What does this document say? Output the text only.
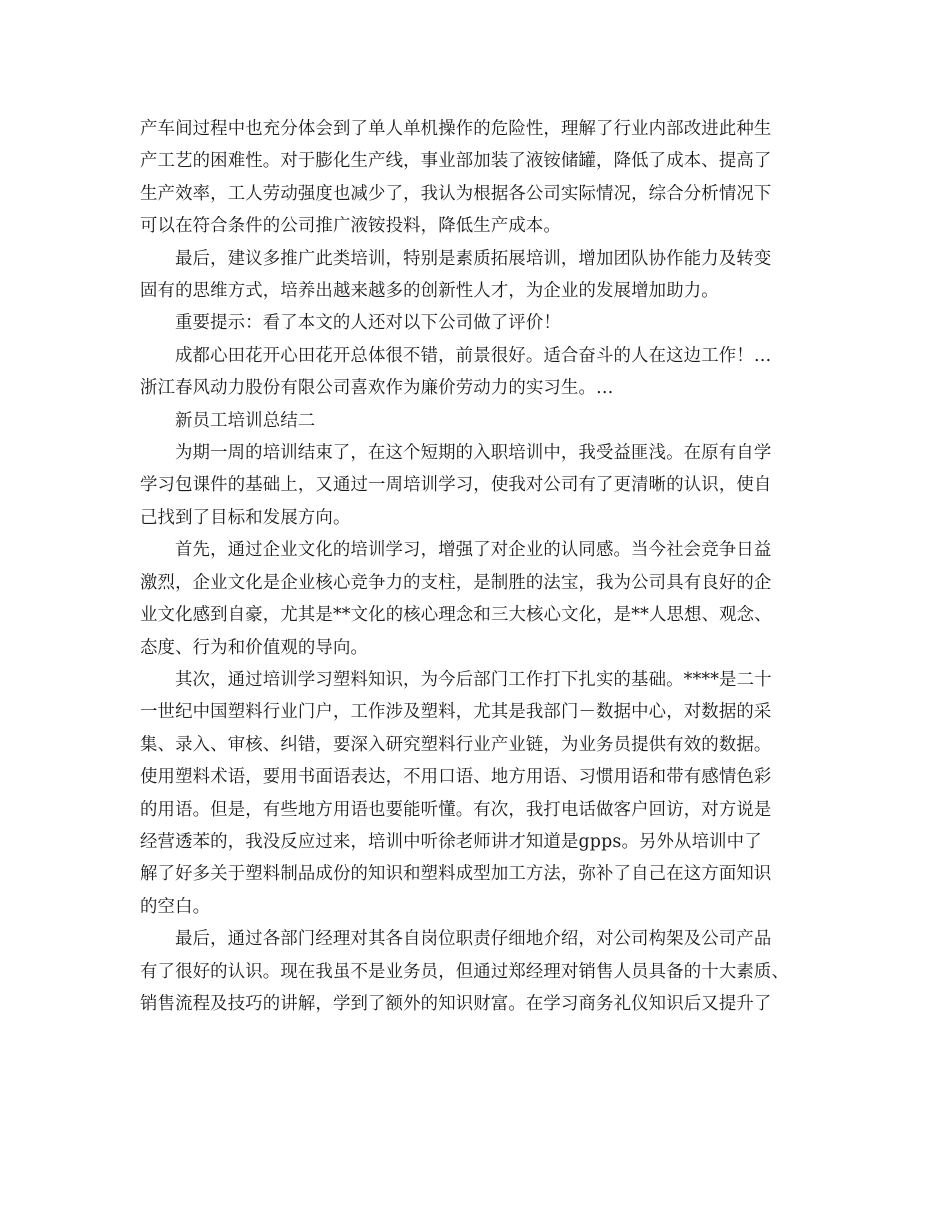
产车间过程中也充分体会到了单人单机操作的危险性，理解了行业内部改进此种生
产工艺的困难性。对于膨化生产线，事业部加装了液铵储罐，降低了成本、提高了
生产效率，工人劳动强度也减少了，我认为根据各公司实际情况，综合分析情况下
可以在符合条件的公司推广液铵投料，降低生产成本。
最后，建议多推广此类培训，特别是素质拓展培训，增加团队协作能力及转变
固有的思维方式，培养出越来越多的创新性人才，为企业的发展增加助力。
重要提示：看了本文的人还对以下公司做了评价！
成都心田花开心田花开总体很不错，前景很好。适合奋斗的人在这边工作！…
浙江春风动力股份有限公司喜欢作为廉价劳动力的实习生。…
新员工培训总结二
为期一周的培训结束了，在这个短期的入职培训中，我受益匪浅。在原有自学
学习包课件的基础上，又通过一周培训学习，使我对公司有了更清晰的认识，使自
己找到了目标和发展方向。
首先，通过企业文化的培训学习，增强了对企业的认同感。当今社会竞争日益
激烈，企业文化是企业核心竞争力的支柱，是制胜的法宝，我为公司具有良好的企
业文化感到自豪，尤其是**文化的核心理念和三大核心文化，是**人思想、观念、
态度、行为和价值观的导向。
其次，通过培训学习塑料知识，为今后部门工作打下扎实的基础。****是二十
一世纪中国塑料行业门户，工作涉及塑料，尤其是我部门－数据中心，对数据的采
集、录入、审核、纠错，要深入研究塑料行业产业链，为业务员提供有效的数据。
使用塑料术语，要用书面语表达，不用口语、地方用语、习惯用语和带有感情色彩
的用语。但是，有些地方用语也要能听懂。有次，我打电话做客户回访，对方说是
经营透苯的，我没反应过来，培训中听徐老师讲才知道是gpps。另外从培训中了
解了好多关于塑料制品成份的知识和塑料成型加工方法，弥补了自己在这方面知识
的空白。
最后，通过各部门经理对其各自岗位职责仔细地介绍，对公司构架及公司产品
有了很好的认识。现在我虽不是业务员，但通过郑经理对销售人员具备的十大素质、
销售流程及技巧的讲解，学到了额外的知识财富。在学习商务礼仪知识后又提升了
